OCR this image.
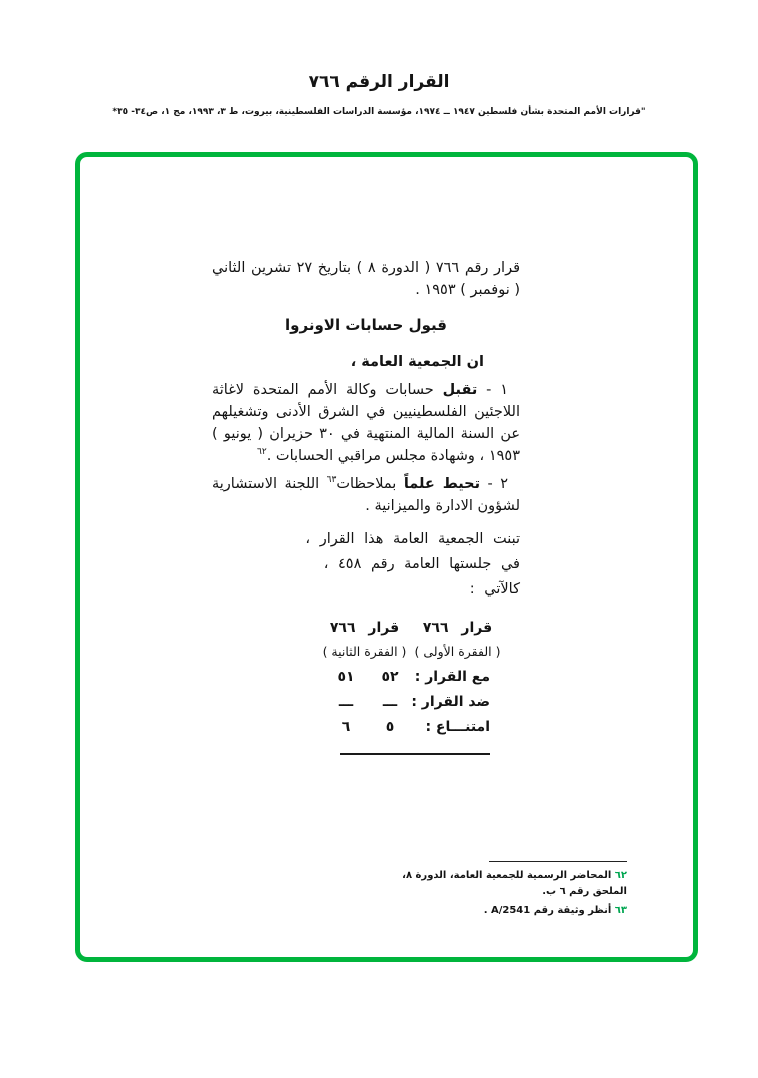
القرار الرقم ٧٦٦
"قرارات الأمم المتحدة بشأن فلسطين ١٩٤٧ ــ ١٩٧٤، مؤسسة الدراسات الفلسطينية، بيروت، ط ٣، ١٩٩٣، مج ١، ص٣٤- ٣٥*

قرار رقم ٧٦٦ ( الدورة ٨ ) بتاريخ ٢٧ تشرين الثاني ( نوفمبر ) ١٩٥٣ .

قبول حسابات الاونروا

ان الجمعية العامة ،

١ - تقبل حسابات وكالة الأمم المتحدة لاغاثة اللاجئين الفلسطينيين في الشرق الأدنى وتشغيلهم عن السنة المالية المنتهية في ٣٠ حزيران ( يونيو ) ١٩٥٣ ، وشهادة مجلس مراقبي الحسابات .$^{٦٢}$

٢ - تحيط علماً بملاحظات$^{٦٣}$ اللجنة الاستشارية لشؤون الادارة والميزانية .

تبنت الجمعية العامة هذا القرار ،

في جلستها العامة رقم ٤٥٨ ،

كالآتي :

قرار ٧٦٦
قرار ٧٦٦
( الفقرة الأولى )
( الفقرة الثانية )
مع القرار :
٥٢
٥١
ضد القرار :
ـــ
ـــ
امتنـــاع :
٥
٦

٦٢ المحاضر الرسمية للجمعية العامة، الدورة ٨، الملحق رقم ٦ ب.

٦٣ أنظر وثيقة رقم A/2541 .
